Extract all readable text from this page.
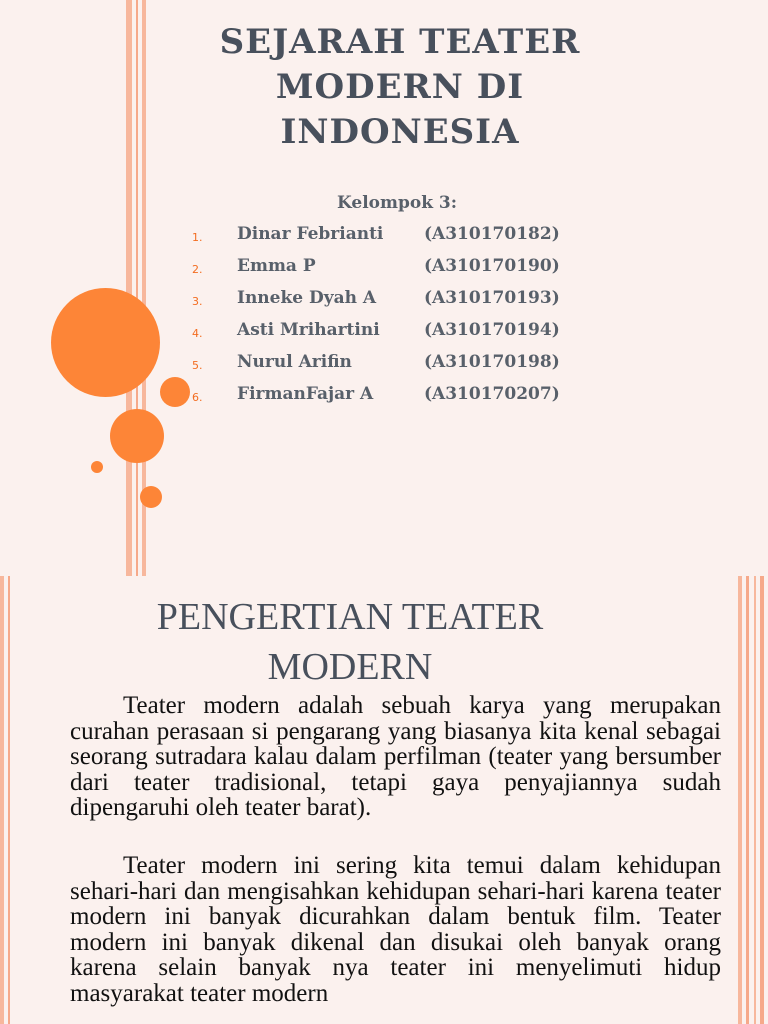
SEJARAH TEATER
MODERN DI
INDONESIA
Kelompok 3:
1.	Dinar Febrianti (A310170182)
2.	Emma P	(A310170190)
3.	Inneke Dyah A	(A310170193)
4.	Asti Mrihartini	(A310170194)
5.	Nurul Arifin	(A310170198)
6.	FirmanFajar A	(A310170207)
PENGERTIAN TEATER
MODERN

Teater modern adalah sebuah karya yang merupakan curahan perasaan si pengarang yang biasanya kita kenal sebagai seorang sutradara kalau dalam perfilman (teater yang bersumber dari teater tradisional, tetapi gaya penyajiannya sudah dipengaruhi oleh teater barat).

Teater modern ini sering kita temui dalam kehidupan sehari-hari dan mengisahkan kehidupan sehari-hari karena teater modern ini banyak dicurahkan dalam bentuk film. Teater modern ini banyak dikenal dan disukai oleh banyak orang karena selain banyak nya teater ini menyelimuti hidup masyarakat teater modern
